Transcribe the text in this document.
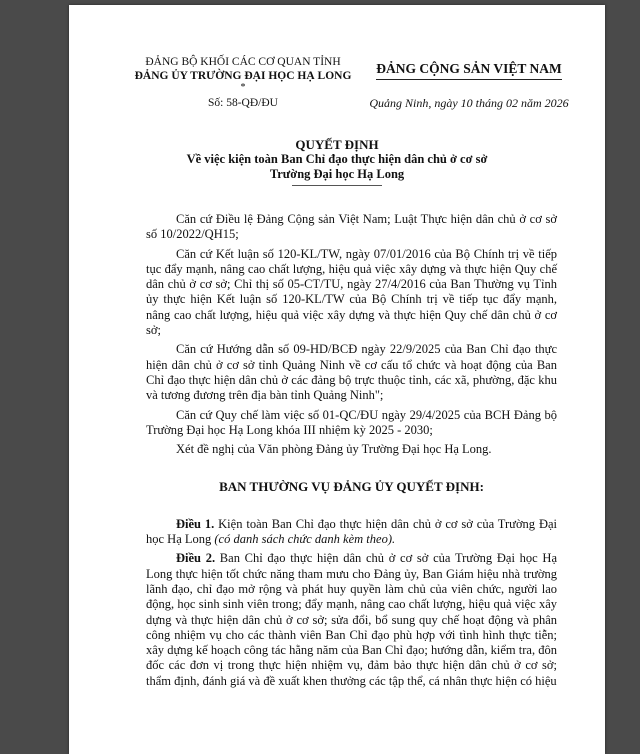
ĐẢNG BỘ KHỐI CÁC CƠ QUAN TỈNH
ĐẢNG ỦY TRƯỜNG ĐẠI HỌC HẠ LONG
*
Số: 58-QĐ/ĐU
ĐẢNG CỘNG SẢN VIỆT NAM
Quảng Ninh, ngày 10 tháng 02 năm 2026
QUYẾT ĐỊNH
Về việc kiện toàn Ban Chỉ đạo thực hiện dân chủ ở cơ sở
Trường Đại học Hạ Long

Căn cứ Điều lệ Đảng Cộng sản Việt Nam; Luật Thực hiện dân chủ ở cơ sở số 10/2022/QH15;

Căn cứ Kết luận số 120-KL/TW, ngày 07/01/2016 của Bộ Chính trị về tiếp tục đẩy mạnh, nâng cao chất lượng, hiệu quả việc xây dựng và thực hiện Quy chế dân chủ ở cơ sở; Chỉ thị số 05-CT/TU, ngày 27/4/2016 của Ban Thường vụ Tỉnh ủy thực hiện Kết luận số 120-KL/TW của Bộ Chính trị về tiếp tục đẩy mạnh, nâng cao chất lượng, hiệu quả việc xây dựng và thực hiện Quy chế dân chủ ở cơ sở;

Căn cứ Hướng dẫn số 09-HD/BCĐ ngày 22/9/2025 của Ban Chỉ đạo thực hiện dân chủ ở cơ sở tỉnh Quảng Ninh về cơ cấu tổ chức và hoạt động của Ban Chỉ đạo thực hiện dân chủ ở các đảng bộ trực thuộc tỉnh, các xã, phường, đặc khu và tương đương trên địa bàn tỉnh Quảng Ninh";

Căn cứ Quy chế làm việc số 01-QC/ĐU ngày 29/4/2025 của BCH Đảng bộ Trường Đại học Hạ Long khóa III nhiệm kỳ 2025 - 2030;

Xét đề nghị của Văn phòng Đảng ủy Trường Đại học Hạ Long.

BAN THƯỜNG VỤ ĐẢNG ỦY QUYẾT ĐỊNH:

Điều 1. Kiện toàn Ban Chỉ đạo thực hiện dân chủ ở cơ sở của Trường Đại học Hạ Long (có danh sách chức danh kèm theo).

Điều 2. Ban Chỉ đạo thực hiện dân chủ ở cơ sở của Trường Đại học Hạ Long thực hiện tốt chức năng tham mưu cho Đảng ủy, Ban Giám hiệu nhà trường lãnh đạo, chỉ đạo mở rộng và phát huy quyền làm chủ của viên chức, người lao động, học sinh sinh viên trong; đẩy mạnh, nâng cao chất lượng, hiệu quả việc xây dựng và thực hiện dân chủ ở cơ sở; sửa đổi, bổ sung quy chế hoạt động và phân công nhiệm vụ cho các thành viên Ban Chỉ đạo phù hợp với tình hình thực tiễn; xây dựng kế hoạch công tác hằng năm của Ban Chỉ đạo; hướng dẫn, kiểm tra, đôn đốc các đơn vị trong thực hiện nhiệm vụ, đảm bảo thực hiện dân chủ ở cơ sở; thẩm định, đánh giá và đề xuất khen thưởng các tập thể, cá nhân thực hiện có hiệu
